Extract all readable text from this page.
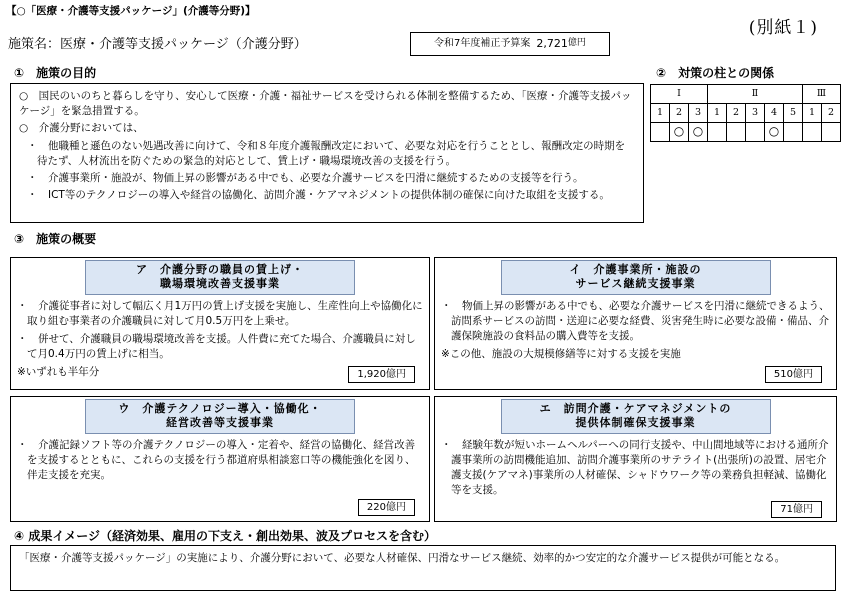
【○「医療・介護等支援パッケージ」(介護等分野)】
(別紙１)
施策名：医療・介護等支援パッケージ（介護分野）	令和7年度補正予算案 2,721 億円
①　施策の目的

○　国民のいのちと暮らしを守り、安心して医療・介護・福祉サービスを受けられる体制を整備するため、「医療・介護等支援パッケージ」を緊急措置する。

○　介護分野においては、

・　他職種と遜色のない処遇改善に向けて、令和８年度介護報酬改定において、必要な対応を行うこととし、報酬改定の時期を待たず、人材流出を防ぐための緊急的対応として、賃上げ・職場環境改善の支援を行う。

・　介護事業所・施設が、物価上昇の影響がある中でも、必要な介護サービスを円滑に継続するための支援等を行う。

・　ICT等のテクノロジーの導入や経営の協働化、訪問介護・ケアマネジメントの提供体制の確保に向けた取組を支援する。

②　対策の柱との関係
Ⅰ			Ⅱ					Ⅲ	
1	2	3	1	2	3	4	5	1	2
	○	○				○			
③　施策の概要
ア　介護分野の職員の賃上げ・
職場環境改善支援事業

・　介護従事者に対して幅広く月1万円の賃上げ支援を実施し、生産性向上や協働化に取り組む事業者の介護職員に対して月0.5万円を上乗せ。

・　併せて、介護職員の職場環境改善を支援。人件費に充てた場合、介護職員に対して月0.4万円の賃上げに相当。

※いずれも半年分	1,920億円
イ　介護事業所・施設の
サービス継続支援事業

・　物価上昇の影響がある中でも、必要な介護サービスを円滑に継続できるよう、訪問系サービスの訪問・送迎に必要な経費、災害発生時に必要な設備・備品、介護保険施設の食料品の購入費等を支援。

※この他、施設の大規模修繕等に対する支援を実施

510億円
ウ　介護テクノロジー導入・協働化・
経営改善等支援事業

・　介護記録ソフト等の介護テクノロジーの導入・定着や、経営の協働化、経営改善を支援するとともに、これらの支援を行う都道府県相談窓口等の機能強化を図り、伴走支援を充実。

220億円
エ　訪問介護・ケアマネジメントの
提供体制確保支援事業

・　経験年数が短いホームヘルパーへの同行支援や、中山間地域等における通所介護事業所の訪問機能追加、訪問介護事業所のサテライト(出張所)の設置、居宅介護支援(ケアマネ)事業所の人材確保、シャドウワーク等の業務負担軽減、協働化等を支援。

71億円
④ 成果イメージ（経済効果、雇用の下支え・創出効果、波及プロセスを含む）

「医療・介護等支援パッケージ」の実施により、介護分野において、必要な人材確保、円滑なサービス継続、効率的かつ安定的な介護サービス提供が可能となる。
